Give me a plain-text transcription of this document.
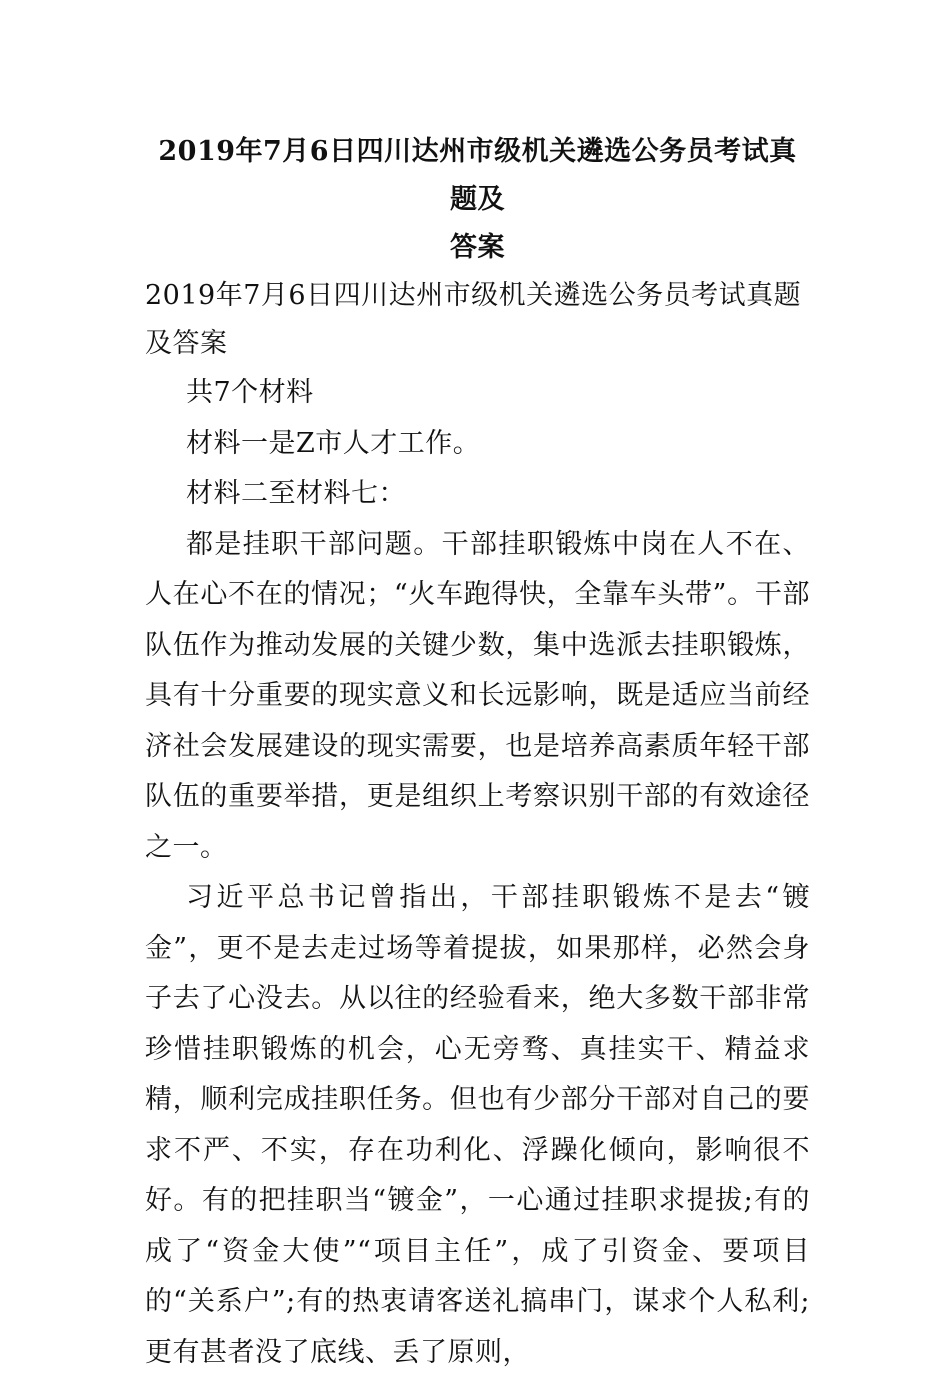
2019年7月6日四川达州市级机关遴选公务员考试真题及
答案

2019年7月6日四川达州市级机关遴选公务员考试真题及答案

共7个材料

材料一是Z市人才工作。

材料二至材料七：

都是挂职干部问题。干部挂职锻炼中岗在人不在、人在心不在的情况；“火车跑得快，全靠车头带”。干部队伍作为推动发展的关键少数，集中选派去挂职锻炼，具有十分重要的现实意义和长远影响，既是适应当前经济社会发展建设的现实需要，也是培养高素质年轻干部队伍的重要举措，更是组织上考察识别干部的有效途径之一。

习近平总书记曾指出，干部挂职锻炼不是去“镀金”，更不是去走过场等着提拔，如果那样，必然会身子去了心没去。从以往的经验看来，绝大多数干部非常珍惜挂职锻炼的机会，心无旁骛、真挂实干、精益求精，顺利完成挂职任务。但也有少部分干部对自己的要求不严、不实，存在功利化、浮躁化倾向，影响很不好。有的把挂职当“镀金”，一心通过挂职求提拔;有的成了“资金大使”“项目主任”，成了引资金、要项目的“关系户”;有的热衷请客送礼搞串门，谋求个人私利;更有甚者没了底线、丢了原则，
